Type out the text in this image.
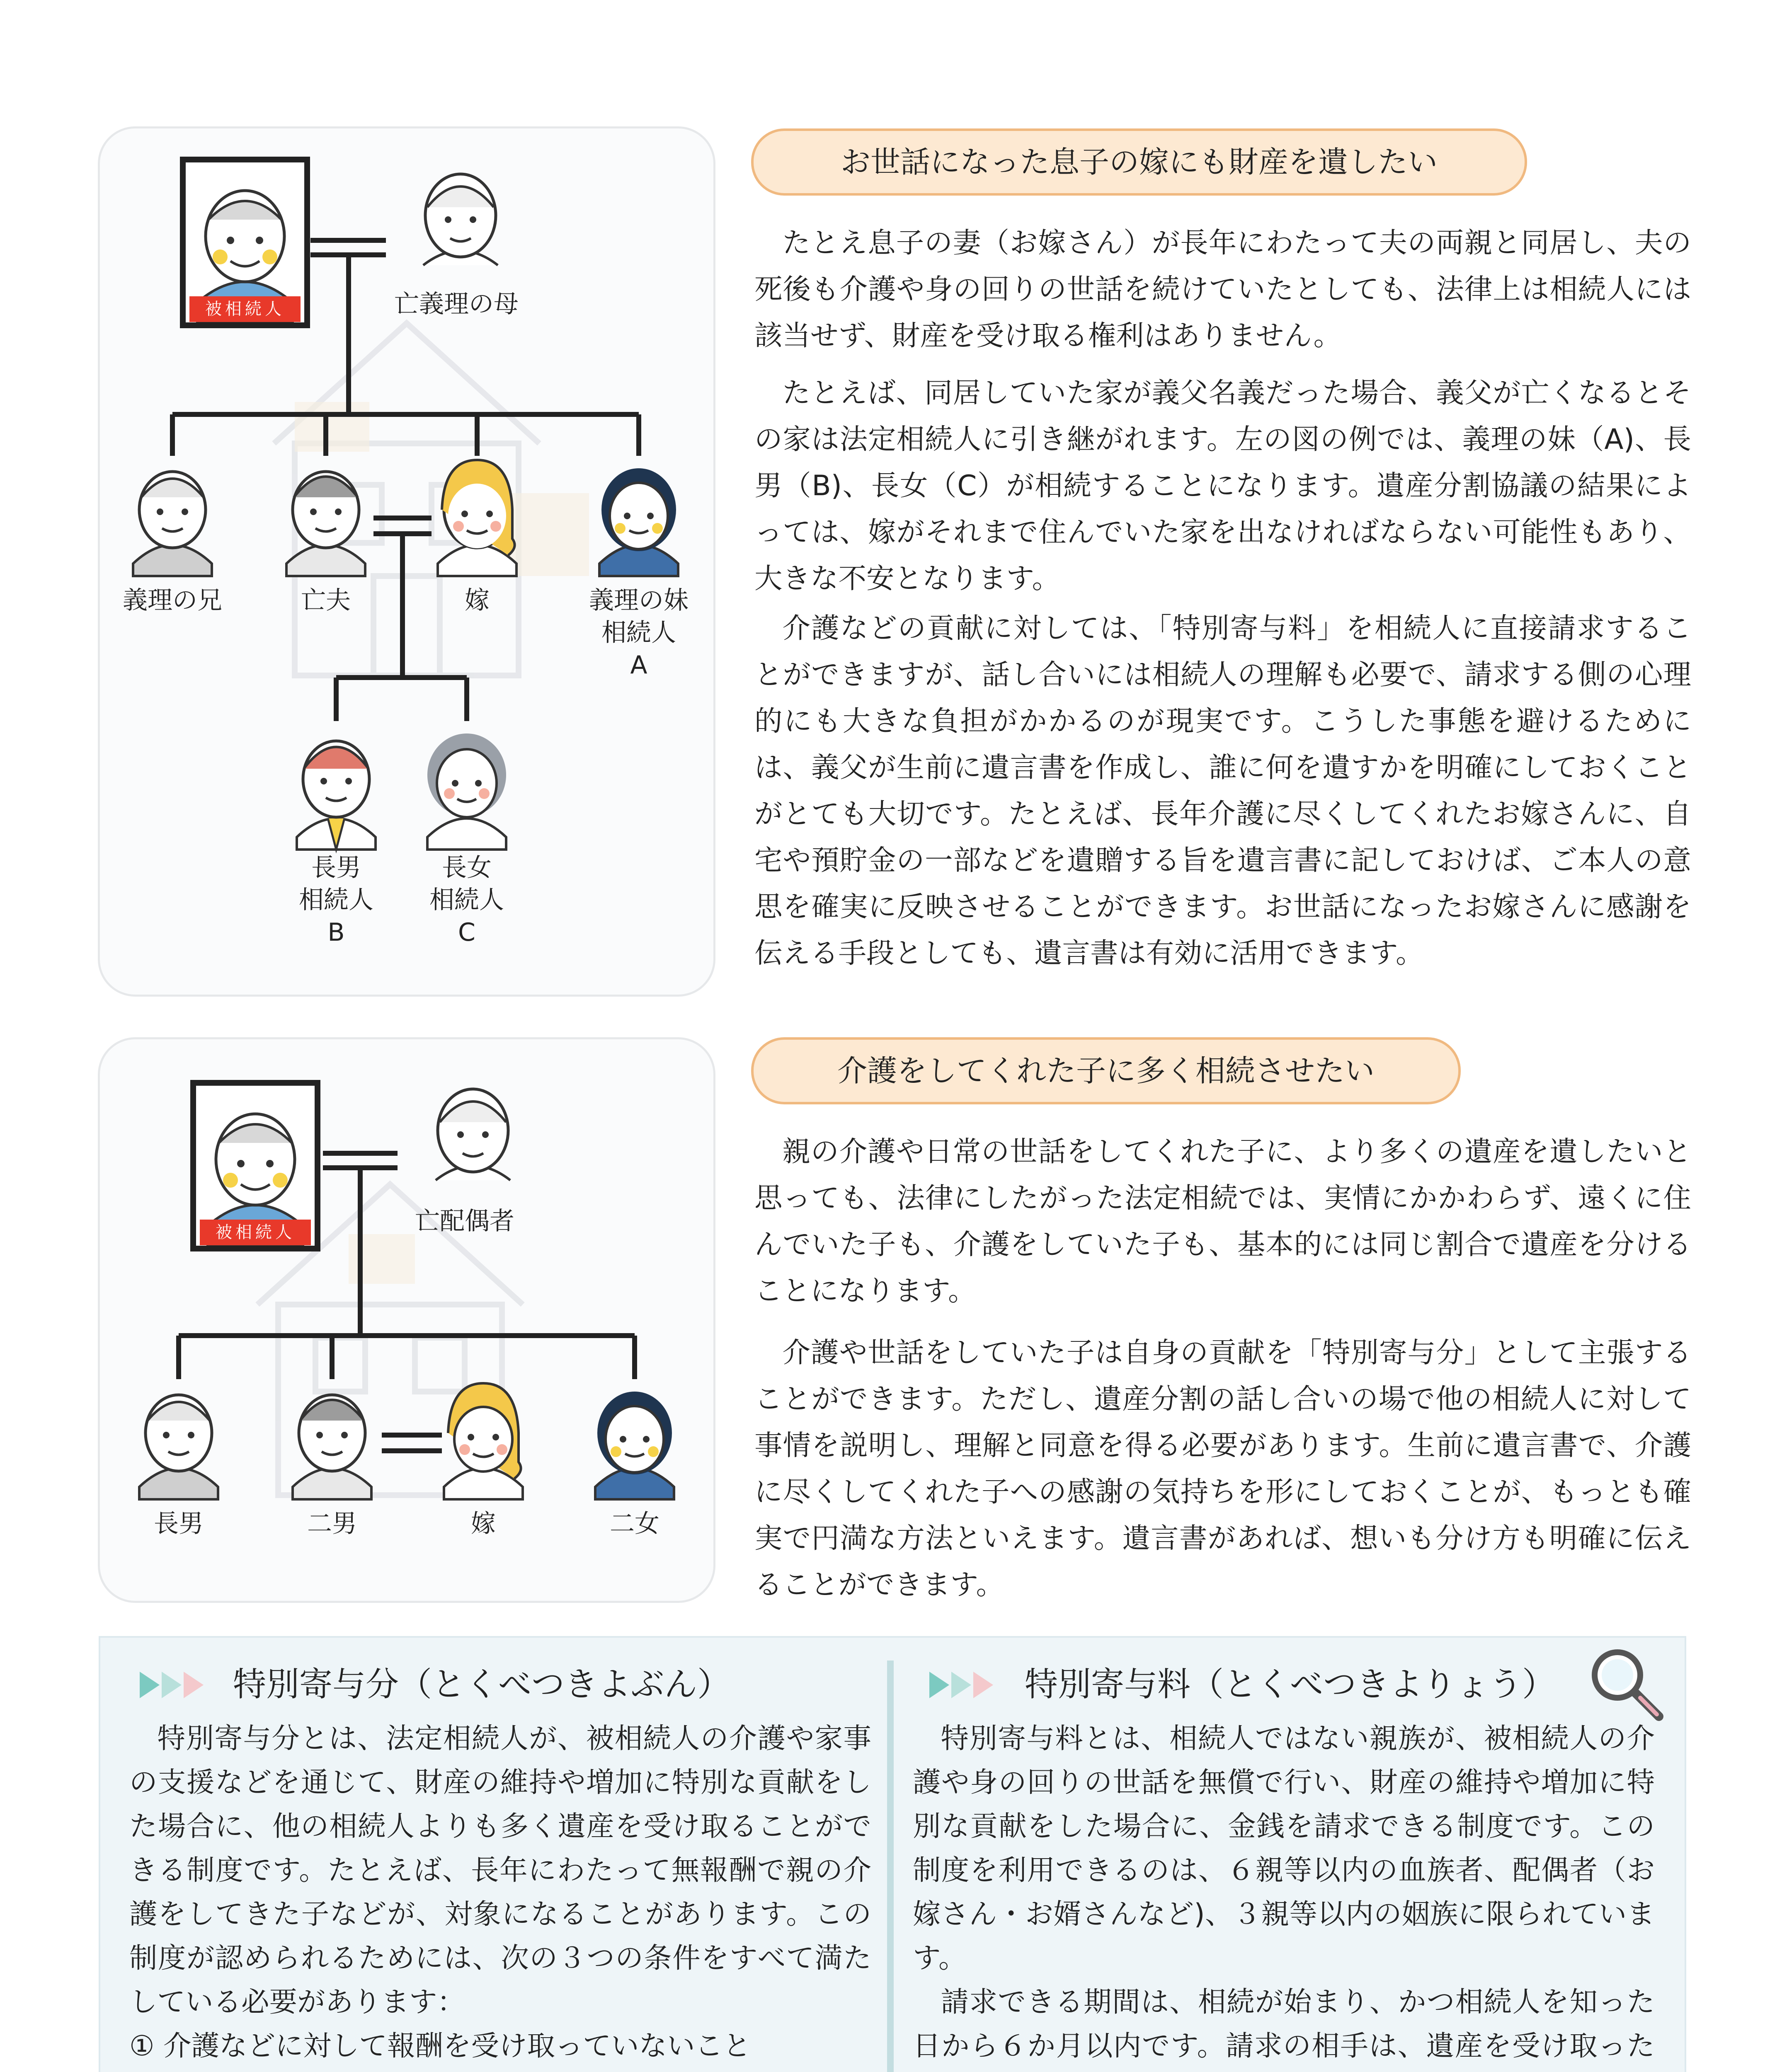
被相続人	亡義理の母
義理の兄	亡夫	嫁	義理の妹
相続人
A
長男
相続人
B
長女
相続人
C
お世話になった息子の嫁にも財産を遺したい

たとえ息子の妻（お嫁さん）が長年にわたって夫の両親と同居し、夫の死後も介護や身の回りの世話を続けていたとしても、法律上は相続人には該当せず、財産を受け取る権利はありません。

たとえば、同居していた家が義父名義だった場合、義父が亡くなるとその家は法定相続人に引き継がれます。左の図の例では、義理の妹（A)、長男（B)、長女（C）が相続することになります。遺産分割協議の結果によっては、嫁がそれまで住んでいた家を出なければならない可能性もあり、大きな不安となります。

介護などの貢献に対しては、「特別寄与料」を相続人に直接請求することができますが、話し合いには相続人の理解も必要で、請求する側の心理的にも大きな負担がかかるのが現実です。こうした事態を避けるためには、義父が生前に遺言書を作成し、誰に何を遺すかを明確にしておくことがとても大切です。たとえば、長年介護に尽くしてくれたお嫁さんに、自宅や預貯金の一部などを遺贈する旨を遺言書に記しておけば、ご本人の意思を確実に反映させることができます。お世話になったお嫁さんに感謝を伝える手段としても、遺言書は有効に活用できます。

被相続人	亡配偶者
長男	二男	嫁	二女
介護をしてくれた子に多く相続させたい

親の介護や日常の世話をしてくれた子に、より多くの遺産を遺したいと思っても、法律にしたがった法定相続では、実情にかかわらず、遠くに住んでいた子も、介護をしていた子も、基本的には同じ割合で遺産を分けることになります。

介護や世話をしていた子は自身の貢献を「特別寄与分」として主張することができます。ただし、遺産分割の話し合いの場で他の相続人に対して事情を説明し、理解と同意を得る必要があります。生前に遺言書で、介護に尽くしてくれた子への感謝の気持ちを形にしておくことが、もっとも確実で円満な方法といえます。遺言書があれば、想いも分け方も明確に伝えることができます。

特別寄与分（とくべつきよぶん）

特別寄与分とは、法定相続人が、被相続人の介護や家事の支援などを通じて、財産の維持や増加に特別な貢献をした場合に、他の相続人よりも多く遺産を受け取ることができる制度です。たとえば、長年にわたって無報酬で親の介護をしてきた子などが、対象になることがあります。この制度が認められるためには、次の３つの条件をすべて満たしている必要があります：

① 介護などに対して報酬を受け取っていないこと

特別寄与料（とくべつきよりょう）

特別寄与料とは、相続人ではない親族が、被相続人の介護や身の回りの世話を無償で行い、財産の維持や増加に特別な貢献をした場合に、金銭を請求できる制度です。この制度を利用できるのは、６親等以内の血族者、配偶者（お嫁さん・お婿さんなど)、３親等以内の姻族に限られています。

請求できる期間は、相続が始まり、かつ相続人を知った日から６か月以内です。請求の相手は、遺産を受け取った
